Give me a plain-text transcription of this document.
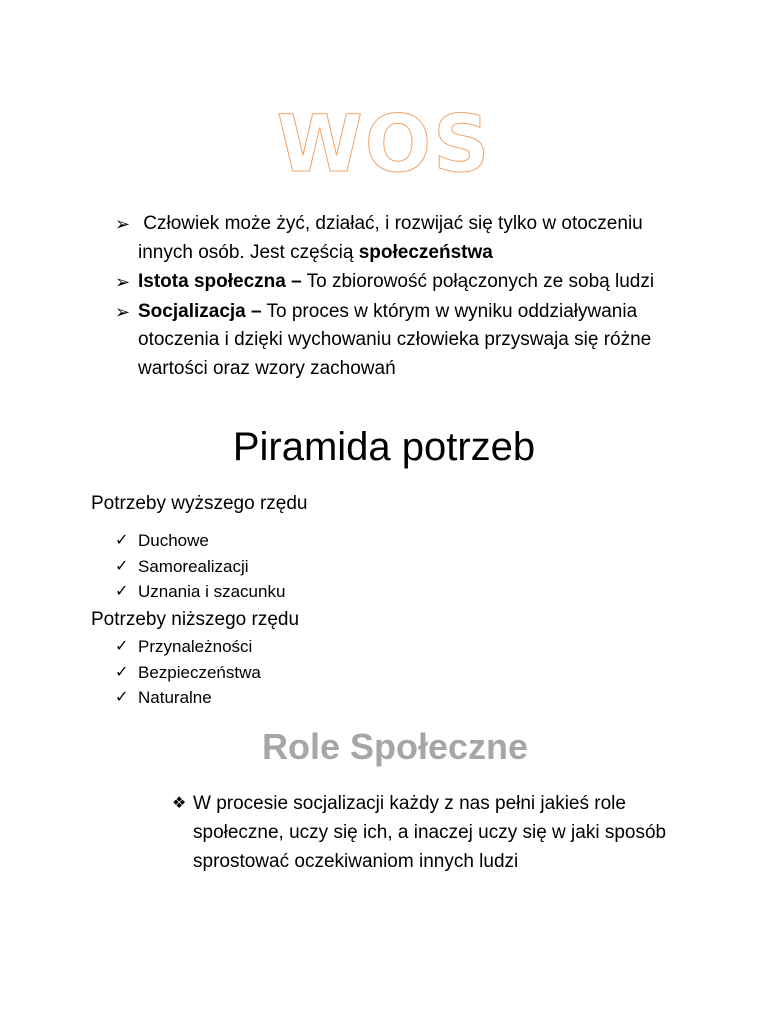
WOS
➢ Człowiek może żyć, działać, i rozwijać się tylko w otoczeniu innych osób. Jest częścią społeczeństwa
➢ Istota społeczna – To zbiorowość połączonych ze sobą ludzi
➢ Socjalizacja – To proces w którym w wyniku oddziaływania otoczenia i dzięki wychowaniu człowieka przyswaja się różne wartości oraz wzory zachowań
Piramida potrzeb
Potrzeby wyższego rzędu
✓ Duchowe
✓ Samorealizacji
✓ Uznania i szacunku
Potrzeby niższego rzędu
✓ Przynależności
✓ Bezpieczeństwa
✓ Naturalne
Role Społeczne
❖ W procesie socjalizacji każdy z nas pełni jakieś role społeczne, uczy się ich, a inaczej uczy się w jaki sposób sprostować oczekiwaniom innych ludzi
